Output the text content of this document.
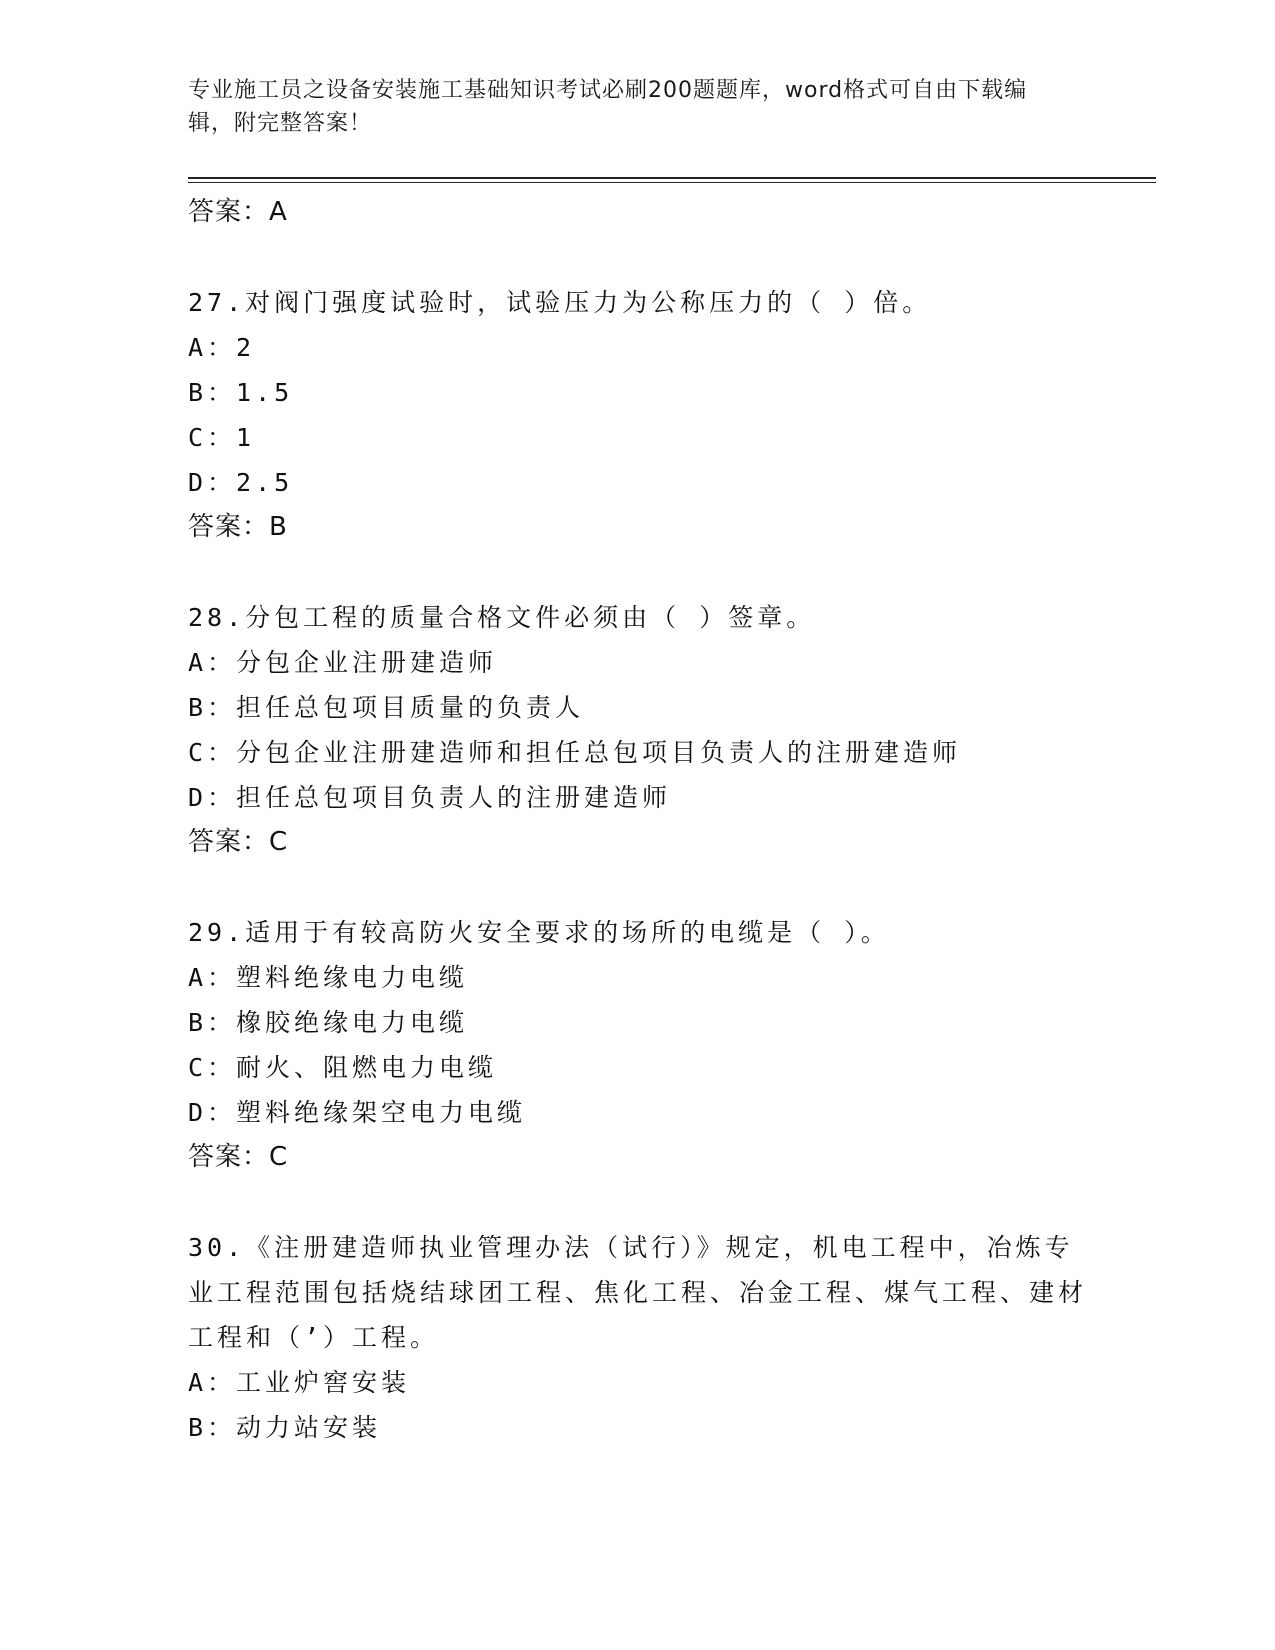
专业施工员之设备安装施工基础知识考试必刷200题题库，word格式可自由下载编辑，附完整答案！
答案：A
27.对阀门强度试验时，试验压力为公称压力的（ ）倍。
A：2
B：1.5
C：1
D：2.5
答案：B
28.分包工程的质量合格文件必须由（ ）签章。
A：分包企业注册建造师
B：担任总包项目质量的负责人
C：分包企业注册建造师和担任总包项目负责人的注册建造师
D：担任总包项目负责人的注册建造师
答案：C
29.适用于有较高防火安全要求的场所的电缆是（ ）。
A：塑料绝缘电力电缆
B：橡胶绝缘电力电缆
C：耐火、阻燃电力电缆
D：塑料绝缘架空电力电缆
答案：C
30.《注册建造师执业管理办法（试行）》规定，机电工程中，冶炼专业工程范围包括烧结球团工程、焦化工程、冶金工程、煤气工程、建材工程和（’）工程。
A：工业炉窖安装
B：动力站安装
